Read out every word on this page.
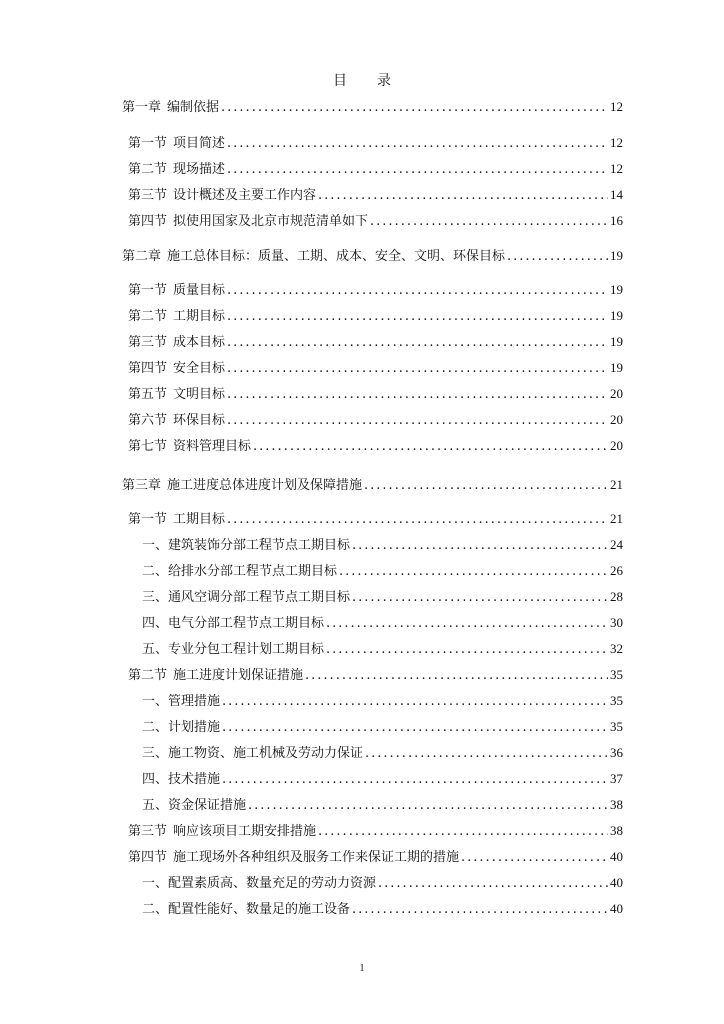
目 录
第一章 编制依据 .....	12
第一节 项目简述 .....	12
第二节 现场描述 .....	12
第三节 设计概述及主要工作内容 .....	14
第四节 拟使用国家及北京市规范清单如下 .....	16
第二章 施工总体目标：质量、工期、成本、安全、文明、环保目标 .....	19
第一节 质量目标 .....	19
第二节 工期目标 .....	19
第三节 成本目标 .....	19
第四节 安全目标 .....	19
第五节 文明目标 .....	20
第六节 环保目标 .....	20
第七节 资料管理目标 .....	20
第三章 施工进度总体进度计划及保障措施 .....	21
第一节 工期目标 .....	21
一、建筑装饰分部工程节点工期目标 .....	24
二、给排水分部工程节点工期目标 .....	26
三、通风空调分部工程节点工期目标 .....	28
四、电气分部工程节点工期目标 .....	30
五、专业分包工程计划工期目标 .....	32
第二节 施工进度计划保证措施 .....	35
一、管理措施 .....	35
二、计划措施 .....	35
三、施工物资、施工机械及劳动力保证 .....	36
四、技术措施 .....	37
五、资金保证措施 .....	38
第三节 响应该项目工期安排措施 .....	38
第四节 施工现场外各种组织及服务工作来保证工期的措施 .....	40
一、配置素质高、数量充足的劳动力资源 .....	40
二、配置性能好、数量足的施工设备 .....	40
1
